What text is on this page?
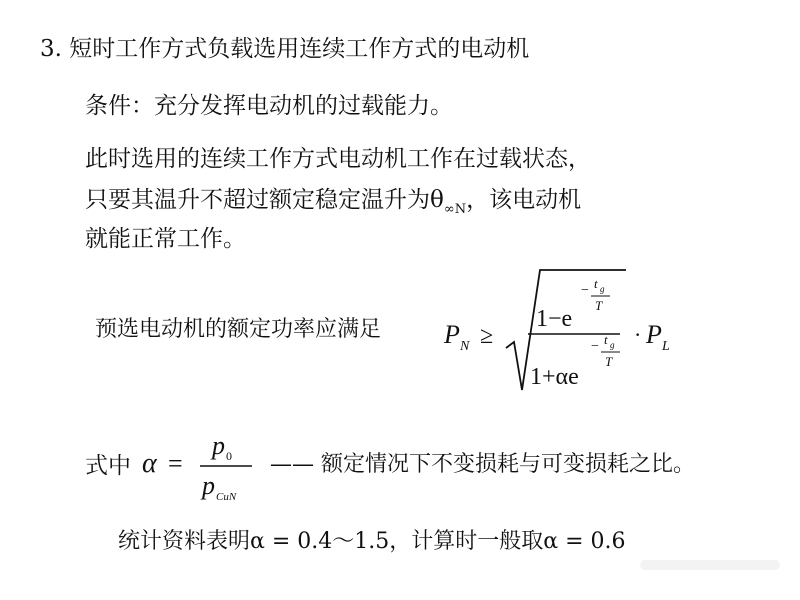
3. 短时工作方式负载选用连续工作方式的电动机
条件：充分发挥电动机的过载能力。
此时选用的连续工作方式电动机工作在过载状态，
只要其温升不超过额定稳定温升为$\theta_{\infty N}$，该电动机
就能正常工作。
预选电动机的额定功率应满足 P N ≥
1−e
− t g
T
1+αe
− t g
T
· P L
式中 α =
p 0
p CuN
—— 额定情况下不变损耗与可变损耗之比。
统计资料表明α = 0.4～1.5，计算时一般取α = 0.6
